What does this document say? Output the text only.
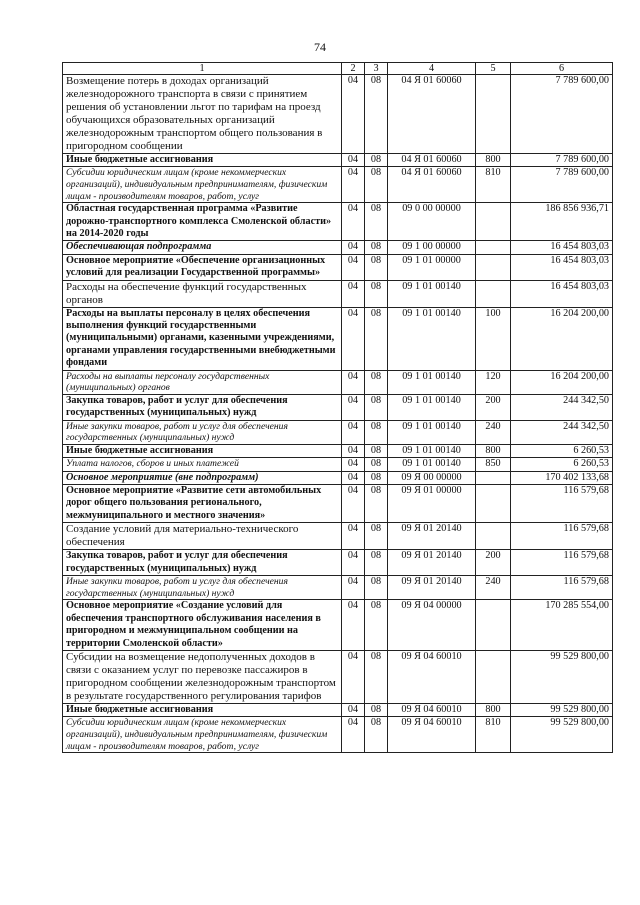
74
1	2	3	4	5	6
Возмещение потерь в доходах организаций железнодорожного транспорта в связи с принятием решения об установлении льгот по тарифам на проезд обучающихся образовательных организаций железнодорожным транспортом общего пользования в пригородном сообщении	04	08	04 Я 01 60060		7 789 600,00
Иные бюджетные ассигнования	04	08	04 Я 01 60060	800	7 789 600,00
Субсидии юридическим лицам (кроме некоммерческих организаций), индивидуальным предпринимателям, физическим лицам - производителям товаров, работ, услуг	04	08	04 Я 01 60060	810	7 789 600,00
Областная государственная программа «Развитие дорожно-транспортного комплекса Смоленской области» на 2014-2020 годы	04	08	09 0 00 00000		186 856 936,71
Обеспечивающая подпрограмма	04	08	09 1 00 00000		16 454 803,03
Основное мероприятие «Обеспечение организационных условий для реализации Государственной программы»	04	08	09 1 01 00000		16 454 803,03
Расходы на обеспечение функций государственных органов	04	08	09 1 01 00140		16 454 803,03
Расходы на выплаты персоналу в целях обеспечения выполнения функций государственными (муниципальными) органами, казенными учреждениями, органами управления государственными внебюджетными фондами	04	08	09 1 01 00140	100	16 204 200,00
Расходы на выплаты персоналу государственных (муниципальных) органов	04	08	09 1 01 00140	120	16 204 200,00
Закупка товаров, работ и услуг для обеспечения государственных (муниципальных) нужд	04	08	09 1 01 00140	200	244 342,50
Иные закупки товаров, работ и услуг для обеспечения государственных (муниципальных) нужд	04	08	09 1 01 00140	240	244 342,50
Иные бюджетные ассигнования	04	08	09 1 01 00140	800	6 260,53
Уплата налогов, сборов и иных платежей	04	08	09 1 01 00140	850	6 260,53
Основное мероприятие (вне подпрограмм)	04	08	09 Я 00 00000		170 402 133,68
Основное мероприятие «Развитие сети автомобильных дорог общего пользования регионального, межмуниципального и местного значения»	04	08	09 Я 01 00000		116 579,68
Создание условий для материально-технического обеспечения	04	08	09 Я 01 20140		116 579,68
Закупка товаров, работ и услуг для обеспечения государственных (муниципальных) нужд	04	08	09 Я 01 20140	200	116 579,68
Иные закупки товаров, работ и услуг для обеспечения государственных (муниципальных) нужд	04	08	09 Я 01 20140	240	116 579,68
Основное мероприятие «Создание условий для обеспечения транспортного обслуживания населения в пригородном и межмуниципальном сообщении на территории Смоленской области»	04	08	09 Я 04 00000		170 285 554,00
Субсидии на возмещение недополученных доходов в связи с оказанием услуг по перевозке пассажиров в пригородном сообщении железнодорожным транспортом в результате государственного регулирования тарифов	04	08	09 Я 04 60010		99 529 800,00
Иные бюджетные ассигнования	04	08	09 Я 04 60010	800	99 529 800,00
Субсидии юридическим лицам (кроме некоммерческих организаций), индивидуальным предпринимателям, физическим лицам - производителям товаров, работ, услуг	04	08	09 Я 04 60010	810	99 529 800,00
